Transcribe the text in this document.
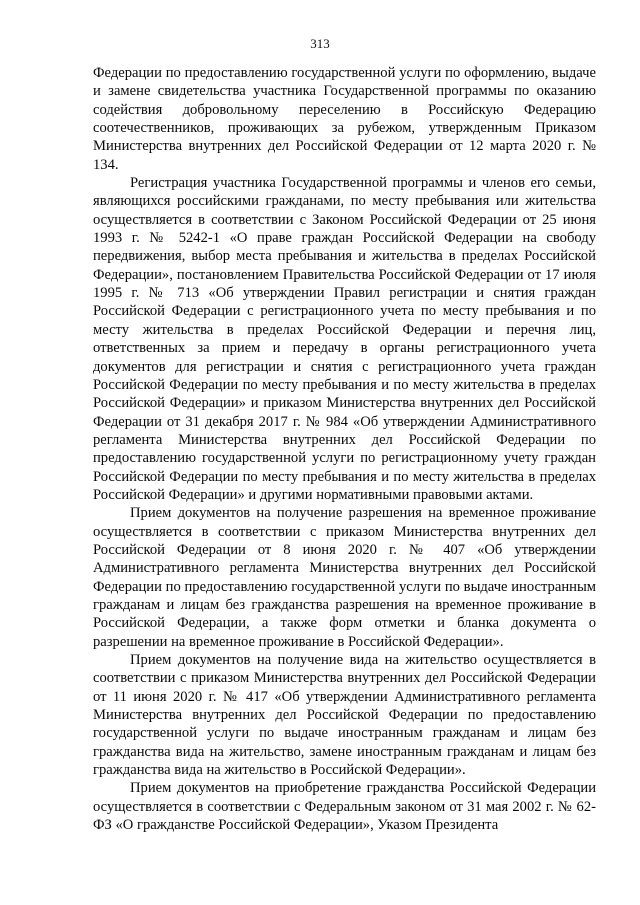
313

Федерации по предоставлению государственной услуги по оформлению, выдаче и замене свидетельства участника Государственной программы по оказанию содействия добровольному переселению в Российскую Федерацию соотечественников, проживающих за рубежом, утвержденным Приказом Министерства внутренних дел Российской Федерации от 12 марта 2020 г. № 134.

Регистрация участника Государственной программы и членов его семьи, являющихся российскими гражданами, по месту пребывания или жительства осуществляется в соответствии с Законом Российской Федерации от 25 июня 1993 г. № 5242-1 «О праве граждан Российской Федерации на свободу передвижения, выбор места пребывания и жительства в пределах Российской Федерации», постановлением Правительства Российской Федерации от 17 июля 1995 г. № 713 «Об утверждении Правил регистрации и снятия граждан Российской Федерации с регистрационного учета по месту пребывания и по месту жительства в пределах Российской Федерации и перечня лиц, ответственных за прием и передачу в органы регистрационного учета документов для регистрации и снятия с регистрационного учета граждан Российской Федерации по месту пребывания и по месту жительства в пределах Российской Федерации» и приказом Министерства внутренних дел Российской Федерации от 31 декабря 2017 г. № 984 «Об утверждении Административного регламента Министерства внутренних дел Российской Федерации по предоставлению государственной услуги по регистрационному учету граждан Российской Федерации по месту пребывания и по месту жительства в пределах Российской Федерации» и другими нормативными правовыми актами.

Прием документов на получение разрешения на временное проживание осуществляется в соответствии с приказом Министерства внутренних дел Российской Федерации от 8 июня 2020 г. № 407 «Об утверждении Административного регламента Министерства внутренних дел Российской Федерации по предоставлению государственной услуги по выдаче иностранным гражданам и лицам без гражданства разрешения на временное проживание в Российской Федерации, а также форм отметки и бланка документа о разрешении на временное проживание в Российской Федерации».

Прием документов на получение вида на жительство осуществляется в соответствии с приказом Министерства внутренних дел Российской Федерации от 11 июня 2020 г. № 417 «Об утверждении Административного регламента Министерства внутренних дел Российской Федерации по предоставлению государственной услуги по выдаче иностранным гражданам и лицам без гражданства вида на жительство, замене иностранным гражданам и лицам без гражданства вида на жительство в Российской Федерации».

Прием документов на приобретение гражданства Российской Федерации осуществляется в соответствии с Федеральным законом от 31 мая 2002 г. № 62-ФЗ «О гражданстве Российской Федерации», Указом Президента
